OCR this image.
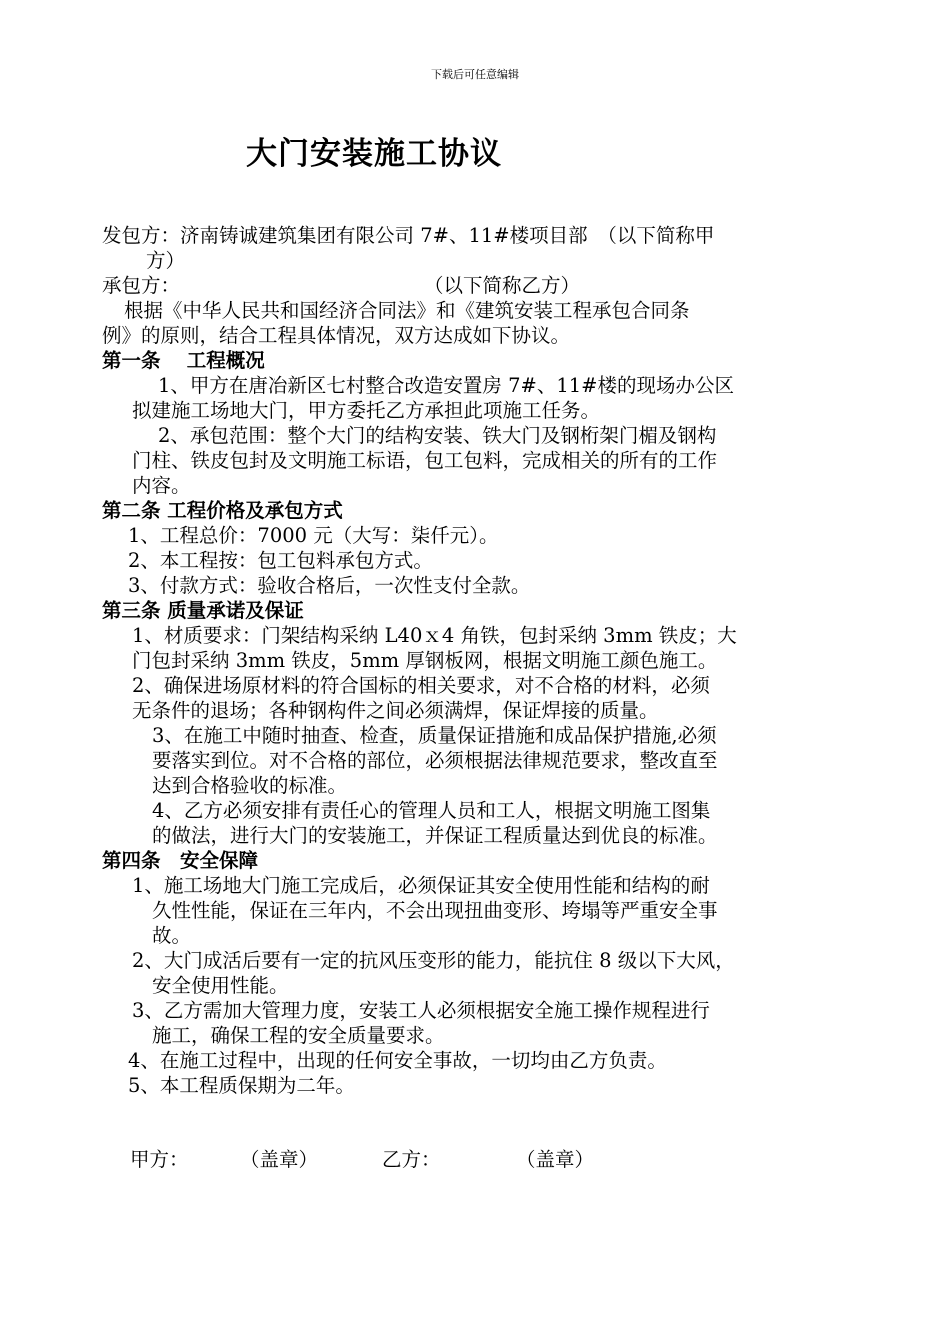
下载后可任意编辑
大门安装施工协议
发包方：济南铸诚建筑集团有限公司 7#、11#楼项目部　（以下简称甲
方）
承包方：	（以下简称乙方）
根据《中华人民共和国经济合同法》和《建筑安装工程承包合同条
例》的原则，结合工程具体情况，双方达成如下协议。
第一条　 工程概况
1、甲方在唐冶新区七村整合改造安置房 7#、11#楼的现场办公区
拟建施工场地大门，甲方委托乙方承担此项施工任务。
2、承包范围：整个大门的结构安装、铁大门及钢桁架门楣及钢构
门柱、铁皮包封及文明施工标语，包工包料，完成相关的所有的工作
内容。
第二条 工程价格及承包方式
1、工程总价：7000 元（大写：柒仟元）。
2、本工程按：包工包料承包方式。
3、付款方式：验收合格后，一次性支付全款。
第三条 质量承诺及保证
1、材质要求：门架结构采纳 L40ｘ4 角铁，包封采纳 3mm 铁皮；大
门包封采纳 3mm 铁皮，5mm 厚钢板网，根据文明施工颜色施工。
2、确保进场原材料的符合国标的相关要求，对不合格的材料，必须
无条件的退场；各种钢构件之间必须满焊，保证焊接的质量。
3、在施工中随时抽查、检查，质量保证措施和成品保护措施,必须
要落实到位。对不合格的部位，必须根据法律规范要求，整改直至
达到合格验收的标准。
4、乙方必须安排有责任心的管理人员和工人，根据文明施工图集
的做法，进行大门的安装施工，并保证工程质量达到优良的标准。
第四条　安全保障
1、施工场地大门施工完成后，必须保证其安全使用性能和结构的耐
久性性能，保证在三年内，不会出现扭曲变形、垮塌等严重安全事
故。
2、大门成活后要有一定的抗风压变形的能力，能抗住 8 级以下大风，
安全使用性能。
3、乙方需加大管理力度，安装工人必须根据安全施工操作规程进行
施工，确保工程的安全质量要求。
4、在施工过程中，出现的任何安全事故，一切均由乙方负责。
5、本工程质保期为二年。
甲方：	（盖章）	乙方：	（盖章）
